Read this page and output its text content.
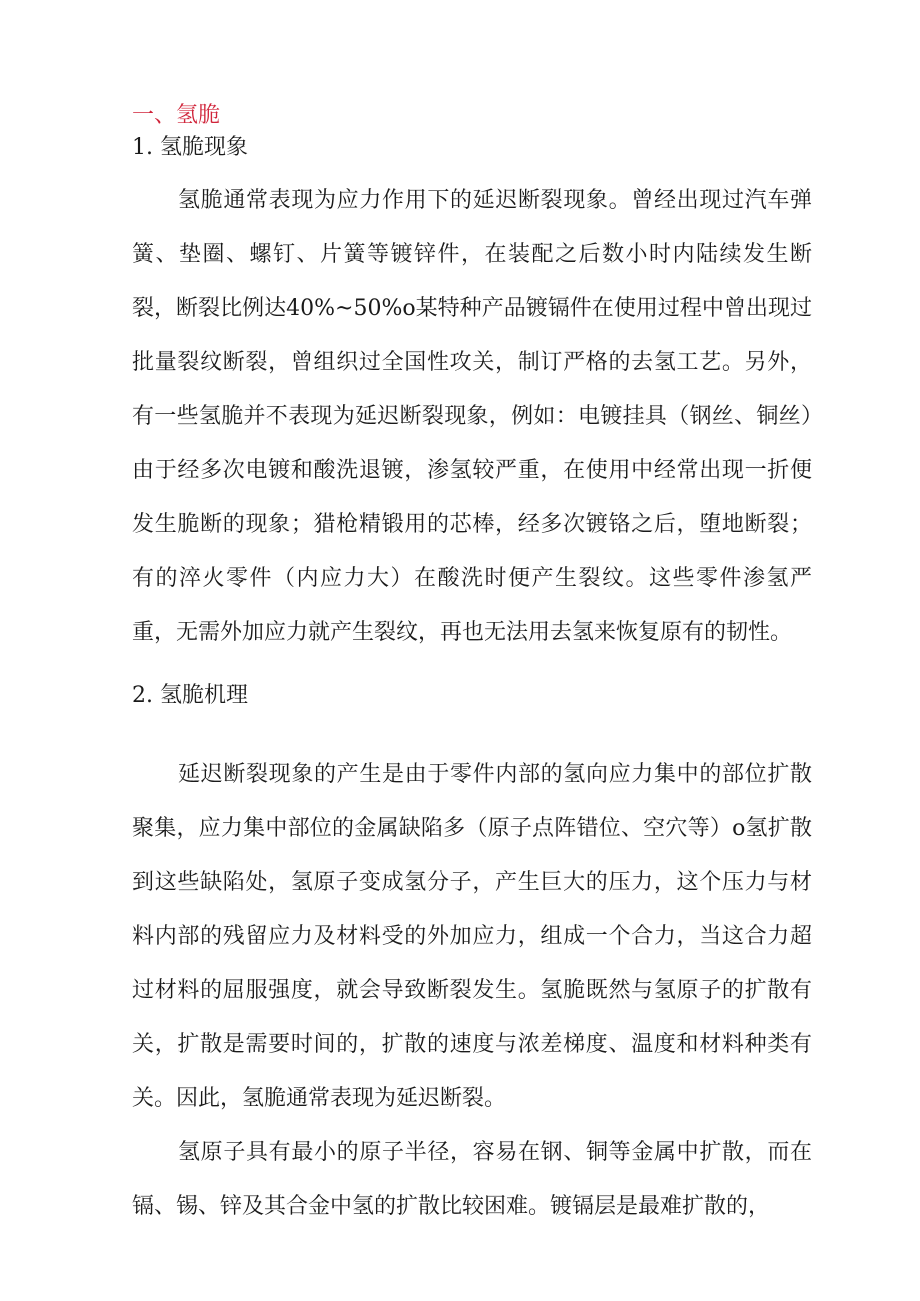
一、氢脆

1. 氢脆现象

氢脆通常表现为应力作用下的延迟断裂现象。曾经出现过汽车弹簧、垫圈、螺钉、片簧等镀锌件，在装配之后数小时内陆续发生断裂，断裂比例达40%~50%o某特种产品镀镉件在使用过程中曾出现过批量裂纹断裂，曾组织过全国性攻关，制订严格的去氢工艺。另外，有一些氢脆并不表现为延迟断裂现象，例如：电镀挂具（钢丝、铜丝）由于经多次电镀和酸洗退镀，渗氢较严重，在使用中经常出现一折便发生脆断的现象；猎枪精锻用的芯棒，经多次镀铬之后，堕地断裂；有的淬火零件（内应力大）在酸洗时便产生裂纹。这些零件渗氢严重，无需外加应力就产生裂纹，再也无法用去氢来恢复原有的韧性。

2. 氢脆机理

延迟断裂现象的产生是由于零件内部的氢向应力集中的部位扩散聚集，应力集中部位的金属缺陷多（原子点阵错位、空穴等）o氢扩散到这些缺陷处，氢原子变成氢分子，产生巨大的压力，这个压力与材料内部的残留应力及材料受的外加应力，组成一个合力，当这合力超过材料的屈服强度，就会导致断裂发生。氢脆既然与氢原子的扩散有关，扩散是需要时间的，扩散的速度与浓差梯度、温度和材料种类有关。因此，氢脆通常表现为延迟断裂。

氢原子具有最小的原子半径，容易在钢、铜等金属中扩散，而在镉、锡、锌及其合金中氢的扩散比较困难。镀镉层是最难扩散的，
